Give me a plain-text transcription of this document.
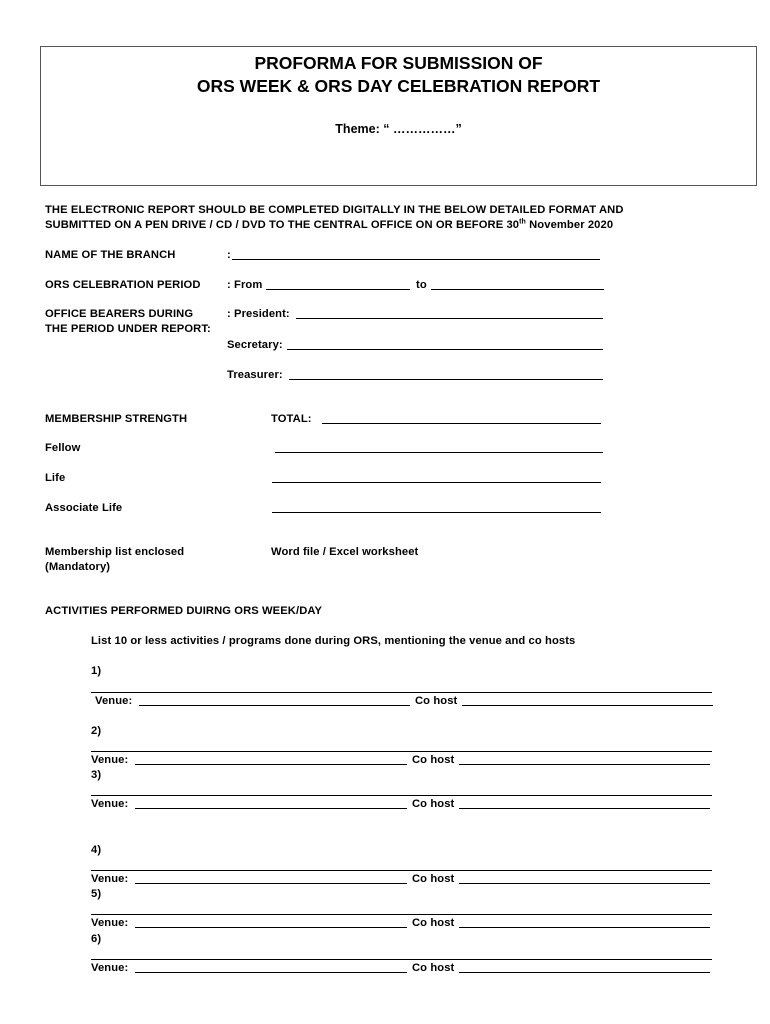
PROFORMA FOR SUBMISSION OF
ORS WEEK & ORS DAY CELEBRATION REPORT
Theme: “ ……………”
THE ELECTRONIC REPORT SHOULD BE COMPLETED DIGITALLY IN THE BELOW DETAILED FORMAT AND
SUBMITTED ON A PEN DRIVE / CD / DVD TO THE CENTRAL OFFICE ON OR BEFORE 30th November 2020
NAME OF THE BRANCH	:
ORS CELEBRATION PERIOD : From	to
OFFICE BEARERS DURING
THE PERIOD UNDER REPORT:
: President:
Secretary:
Treasurer:
MEMBERSHIP STRENGTH	TOTAL:
Fellow
Life
Associate Life
Membership list enclosed
(Mandatory)
Word file / Excel worksheet
ACTIVITIES PERFORMED DUIRNG ORS WEEK/DAY
List 10 or less activities / programs done during ORS, mentioning the venue and co hosts
1)
Venue:	Co host
2)
Venue:	Co host
3)
Venue:	Co host
4)
Venue:	Co host
5)
Venue:	Co host
6)
Venue:	Co host
